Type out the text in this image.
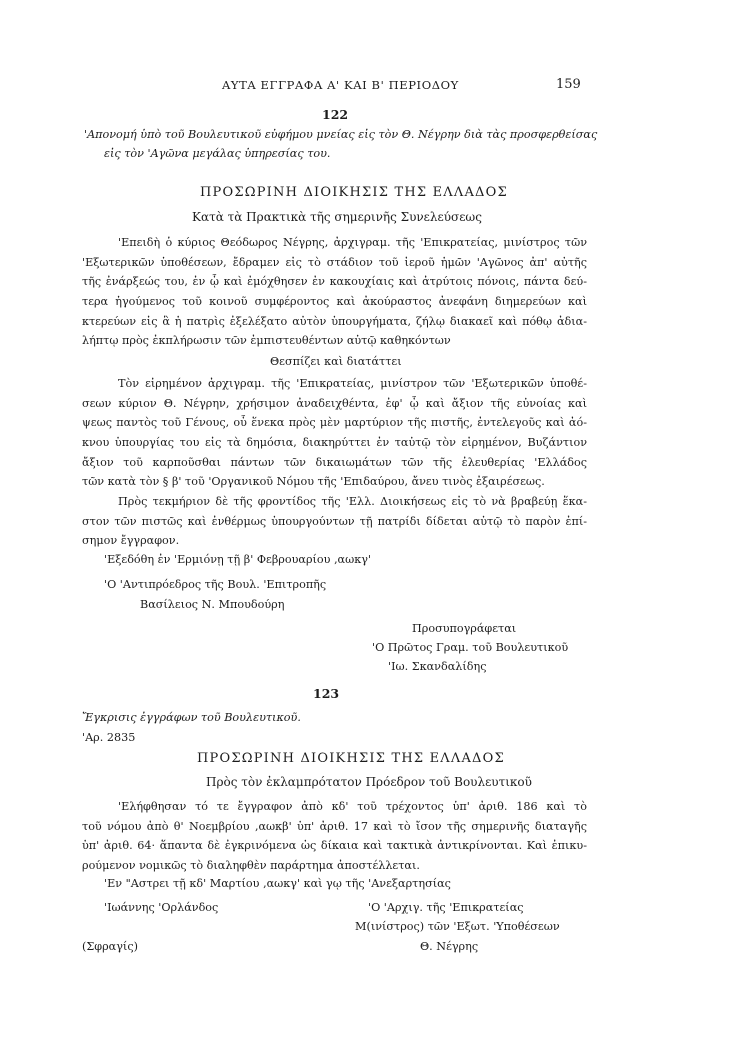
ΑΥΤΑ ΕΓΓΡΑΦΑ Α' ΚΑΙ Β' ΠΕΡΙΟΔΟΥ	159
122
'Απονομή ὑπὸ τοῦ Βουλευτικοῦ εὐφήμου μνείας εἰς τὸν Θ. Νέγρην διὰ τὰς προσφερθείσας
εἰς τὸν 'Αγῶνα μεγάλας ὑπηρεσίας του.
ΠΡΟΣΩΡΙΝΗ ΔΙΟΙΚΗΣΙΣ ΤΗΣ ΕΛΛΑΔΟΣ
Κατὰ τὰ Πρακτικὰ τῆς σημερινῆς Συνελεύσεως
'Επειδὴ ὁ κύριος Θεόδωρος Νέγρης, ἀρχιγραμ. τῆς 'Επικρατείας, μινίστρος τῶν
'Εξωτερικῶν ὑποθέσεων, ἔδραμεν εἰς τὸ στάδιον τοῦ ἱεροῦ ἡμῶν 'Αγῶνος ἀπ' αὐτῆς
τῆς ἐνάρξεώς του, ἐν ᾧ καὶ ἐμόχθησεν ἐν κακουχίαις καὶ ἀτρύτοις πόνοις, πάντα δεύ-
τερα ἡγούμενος τοῦ κοινοῦ συμφέροντος καὶ ἀκούραστος ἀνεφάνη διημερεύων καὶ
κτερεύων εἰς ἃ ἡ πατρὶς ἐξελέξατο αὐτὸν ὑπουργήματα, ζήλῳ διακαεῖ καὶ πόθῳ ἀδια-
λήπτῳ πρὸς ἐκπλήρωσιν τῶν ἐμπιστευθέντων αὐτῷ καθηκόντων
Θεσπίζει καὶ διατάττει
Τὸν εἰρημένον ἀρχιγραμ. τῆς 'Επικρατείας, μινίστρον τῶν 'Εξωτερικῶν ὑποθέ-
σεων κύριον Θ. Νέγρην, χρήσιμον ἀναδειχθέντα, ἐφ' ᾧ καὶ ἄξιον τῆς εὐνοίας καὶ
ψεως παντὸς τοῦ Γένους, οὗ ἕνεκα πρὸς μὲν μαρτύριον τῆς πιστῆς, ἐντελεγοῦς καὶ ἀό-
κνου ὑπουργίας του εἰς τὰ δημόσια, διακηρύττει ἐν ταὐτῷ τὸν εἰρημένον, Βυζάντιον
ἄξιον τοῦ καρποῦσθαι πάντων τῶν δικαιωμάτων τῶν τῆς ἐλευθερίας 'Ελλάδος
τῶν κατὰ τὸν § β' τοῦ 'Οργανικοῦ Νόμου τῆς 'Επιδαύρου, ἄνευ τινὸς ἐξαιρέσεως.
Πρὸς τεκμήριον δὲ τῆς φροντίδος τῆς 'Ελλ. Διοικήσεως εἰς τὸ νὰ βραβεύῃ ἕκα-
στον τῶν πιστῶς καὶ ἐνθέρμως ὑπουργούντων τῇ πατρίδι δίδεται αὐτῷ τὸ παρὸν ἐπί-
σημον ἔγγραφον.
'Εξεδόθη ἐν 'Ερμιόνῃ τῇ β' Φεβρουαρίου ‚αωκγ'
'Ο 'Αντιπρόεδρος τῆς Βουλ. 'Επιτροπῆς
Βασίλειος Ν. Μπουδούρη
Προσυπογράφεται
'Ο Πρῶτος Γραμ. τοῦ Βουλευτικοῦ
'Ιω. Σκανδαλίδης
123
Ἔγκρισις ἐγγράφων τοῦ Βουλευτικοῦ.
'Αρ. 2835
ΠΡΟΣΩΡΙΝΗ ΔΙΟΙΚΗΣΙΣ ΤΗΣ ΕΛΛΑΔΟΣ
Πρὸς τὸν ἐκλαμπρότατον Πρόεδρον τοῦ Βουλευτικοῦ
'Ελήφθησαν τό τε ἔγγραφον ἀπὸ κδ' τοῦ τρέχοντος ὑπ' ἀριθ. 186 καὶ τὸ
τοῦ νόμου ἀπὸ θ' Νοεμβρίου ‚αωκβ' ὑπ' ἀριθ. 17 καὶ τὸ ἴσον τῆς σημερινῆς διαταγῆς
ὑπ' ἀριθ. 64· ἅπαντα δὲ ἐγκρινόμενα ὡς δίκαια καὶ τακτικὰ ἀντικρίνονται. Καὶ ἐπικυ-
ρούμενον νομικῶς τὸ διαληφθὲν παράρτημα ἀποστέλλεται.
'Εν "Αστρει τῇ κδ' Μαρτίου ‚αωκγ' καὶ γῳ τῆς 'Ανεξαρτησίας
'Ιωάννης 'Ορλάνδος	'Ο 'Αρχιγ. τῆς 'Επικρατείας
Μ(ινίστρος) τῶν 'Εξωτ. 'Υποθέσεων
(Σφραγίς)	Θ. Νέγρης
